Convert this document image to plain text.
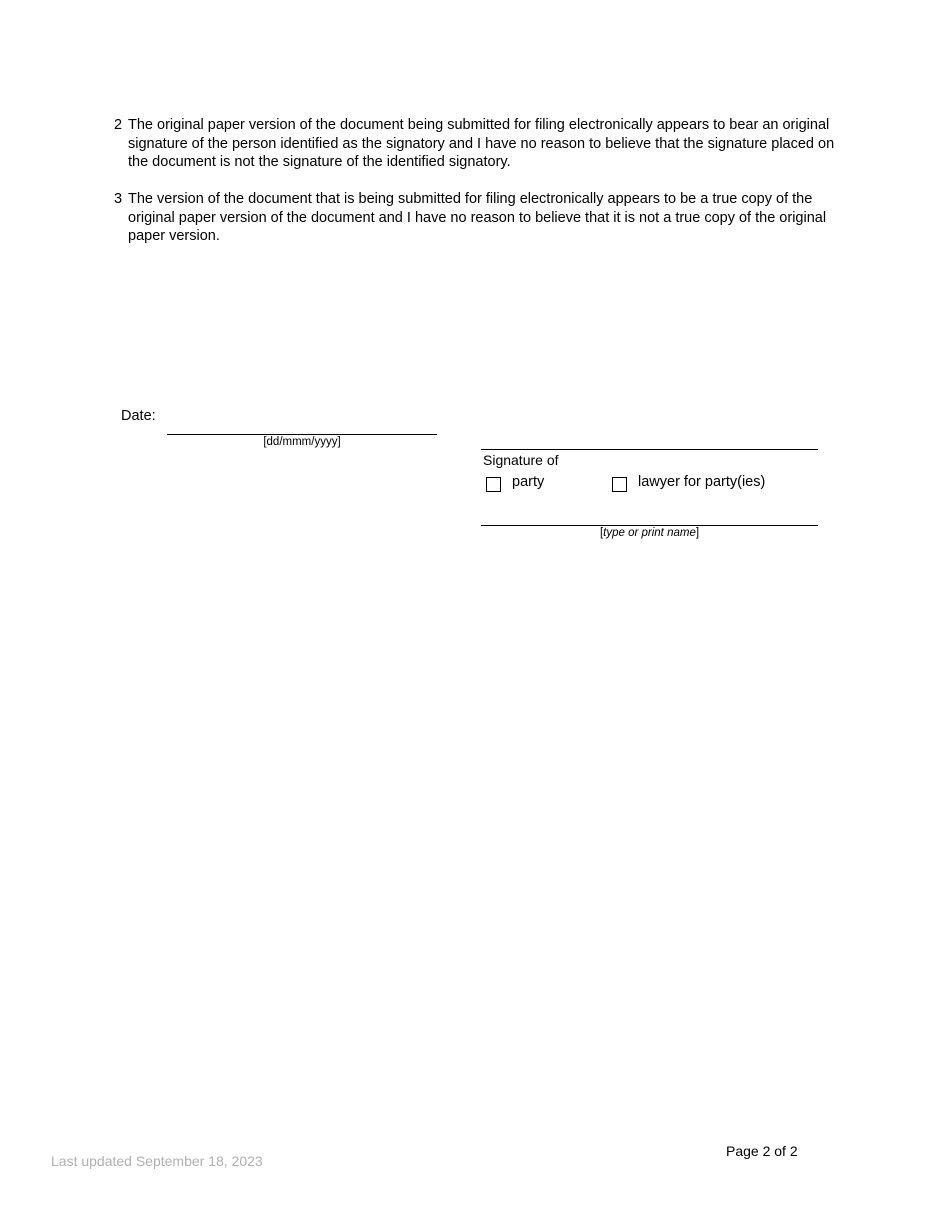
2 The original paper version of the document being submitted for filing electronically appears to bear an original signature of the person identified as the signatory and I have no reason to believe that the signature placed on the document is not the signature of the identified signatory.
3 The version of the document that is being submitted for filing electronically appears to be a true copy of the original paper version of the document and I have no reason to believe that it is not a true copy of the original paper version.
Date:
[dd/mmm/yyyy]
Signature of
party	lawyer for party(ies)
[type or print name]
Page 2 of 2
Last updated September 18, 2023
